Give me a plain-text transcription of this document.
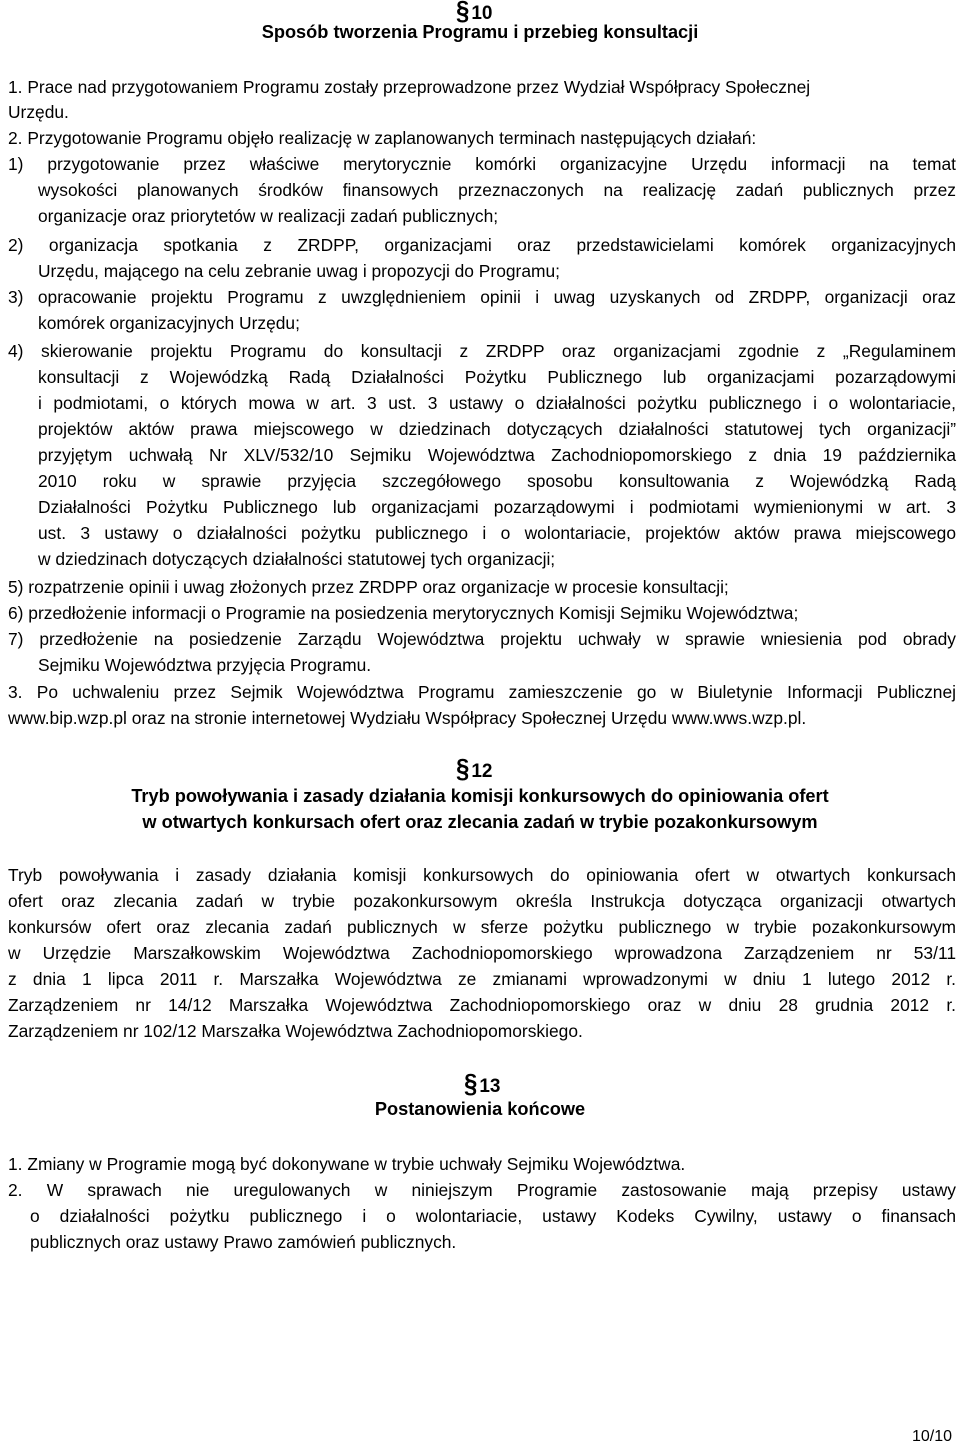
§ 10
Sposób tworzenia Programu i przebieg konsultacji
1. Prace nad przygotowaniem Programu zostały przeprowadzone przez Wydział Współpracy Społecznej
Urzędu.
2. Przygotowanie Programu objęło realizację w zaplanowanych terminach następujących działań:
1) przygotowanie przez właściwe merytorycznie komórki organizacyjne Urzędu informacji na temat
wysokości planowanych środków finansowych przeznaczonych na realizację zadań publicznych przez
organizacje oraz priorytetów w realizacji zadań publicznych;
2) organizacja spotkania z ZRDPP, organizacjami oraz przedstawicielami komórek organizacyjnych
Urzędu, mającego na celu zebranie uwag i propozycji do Programu;
3) opracowanie projektu Programu z uwzględnieniem opinii i uwag uzyskanych od ZRDPP, organizacji oraz
komórek organizacyjnych Urzędu;
4) skierowanie projektu Programu do konsultacji z ZRDPP oraz organizacjami zgodnie z „Regulaminem
konsultacji z Wojewódzką Radą Działalności Pożytku Publicznego lub organizacjami pozarządowymi
i podmiotami, o których mowa w art. 3 ust. 3 ustawy o działalności pożytku publicznego i o wolontariacie,
projektów aktów prawa miejscowego w dziedzinach dotyczących działalności statutowej tych organizacji”
przyjętym uchwałą Nr XLV/532/10 Sejmiku Województwa Zachodniopomorskiego z dnia 19 października
2010 roku w sprawie przyjęcia szczegółowego sposobu konsultowania z Wojewódzką Radą
Działalności Pożytku Publicznego lub organizacjami pozarządowymi i podmiotami wymienionymi w art. 3
ust. 3 ustawy o działalności pożytku publicznego i o wolontariacie, projektów aktów prawa miejscowego
w dziedzinach dotyczących działalności statutowej tych organizacji;
5) rozpatrzenie opinii i uwag złożonych przez ZRDPP oraz organizacje w procesie konsultacji;
6) przedłożenie informacji o Programie na posiedzenia merytorycznych Komisji Sejmiku Województwa;
7) przedłożenie na posiedzenie Zarządu Województwa projektu uchwały w sprawie wniesienia pod obrady
Sejmiku Województwa przyjęcia Programu.
3. Po uchwaleniu przez Sejmik Województwa Programu zamieszczenie go w Biuletynie Informacji Publicznej
www.bip.wzp.pl oraz na stronie internetowej Wydziału Współpracy Społecznej Urzędu www.wws.wzp.pl.
§ 12
Tryb powoływania i zasady działania komisji konkursowych do opiniowania ofert
w otwartych konkursach ofert oraz zlecania zadań w trybie pozakonkursowym
Tryb powoływania i zasady działania komisji konkursowych do opiniowania ofert w otwartych konkursach
ofert oraz zlecania zadań w trybie pozakonkursowym określa Instrukcja dotycząca organizacji otwartych
konkursów ofert oraz zlecania zadań publicznych w sferze pożytku publicznego w trybie pozakonkursowym
w Urzędzie Marszałkowskim Województwa Zachodniopomorskiego wprowadzona Zarządzeniem nr 53/11
z dnia 1 lipca 2011 r. Marszałka Województwa ze zmianami wprowadzonymi w dniu 1 lutego 2012 r.
Zarządzeniem nr 14/12 Marszałka Województwa Zachodniopomorskiego oraz w dniu 28 grudnia 2012 r.
Zarządzeniem nr 102/12 Marszałka Województwa Zachodniopomorskiego.
§ 13
Postanowienia końcowe
1. Zmiany w Programie mogą być dokonywane w trybie uchwały Sejmiku Województwa.
2. W sprawach nie uregulowanych w niniejszym Programie zastosowanie mają przepisy ustawy
o działalności pożytku publicznego i o wolontariacie, ustawy Kodeks Cywilny, ustawy o finansach
publicznych oraz ustawy Prawo zamówień publicznych.
10/10
